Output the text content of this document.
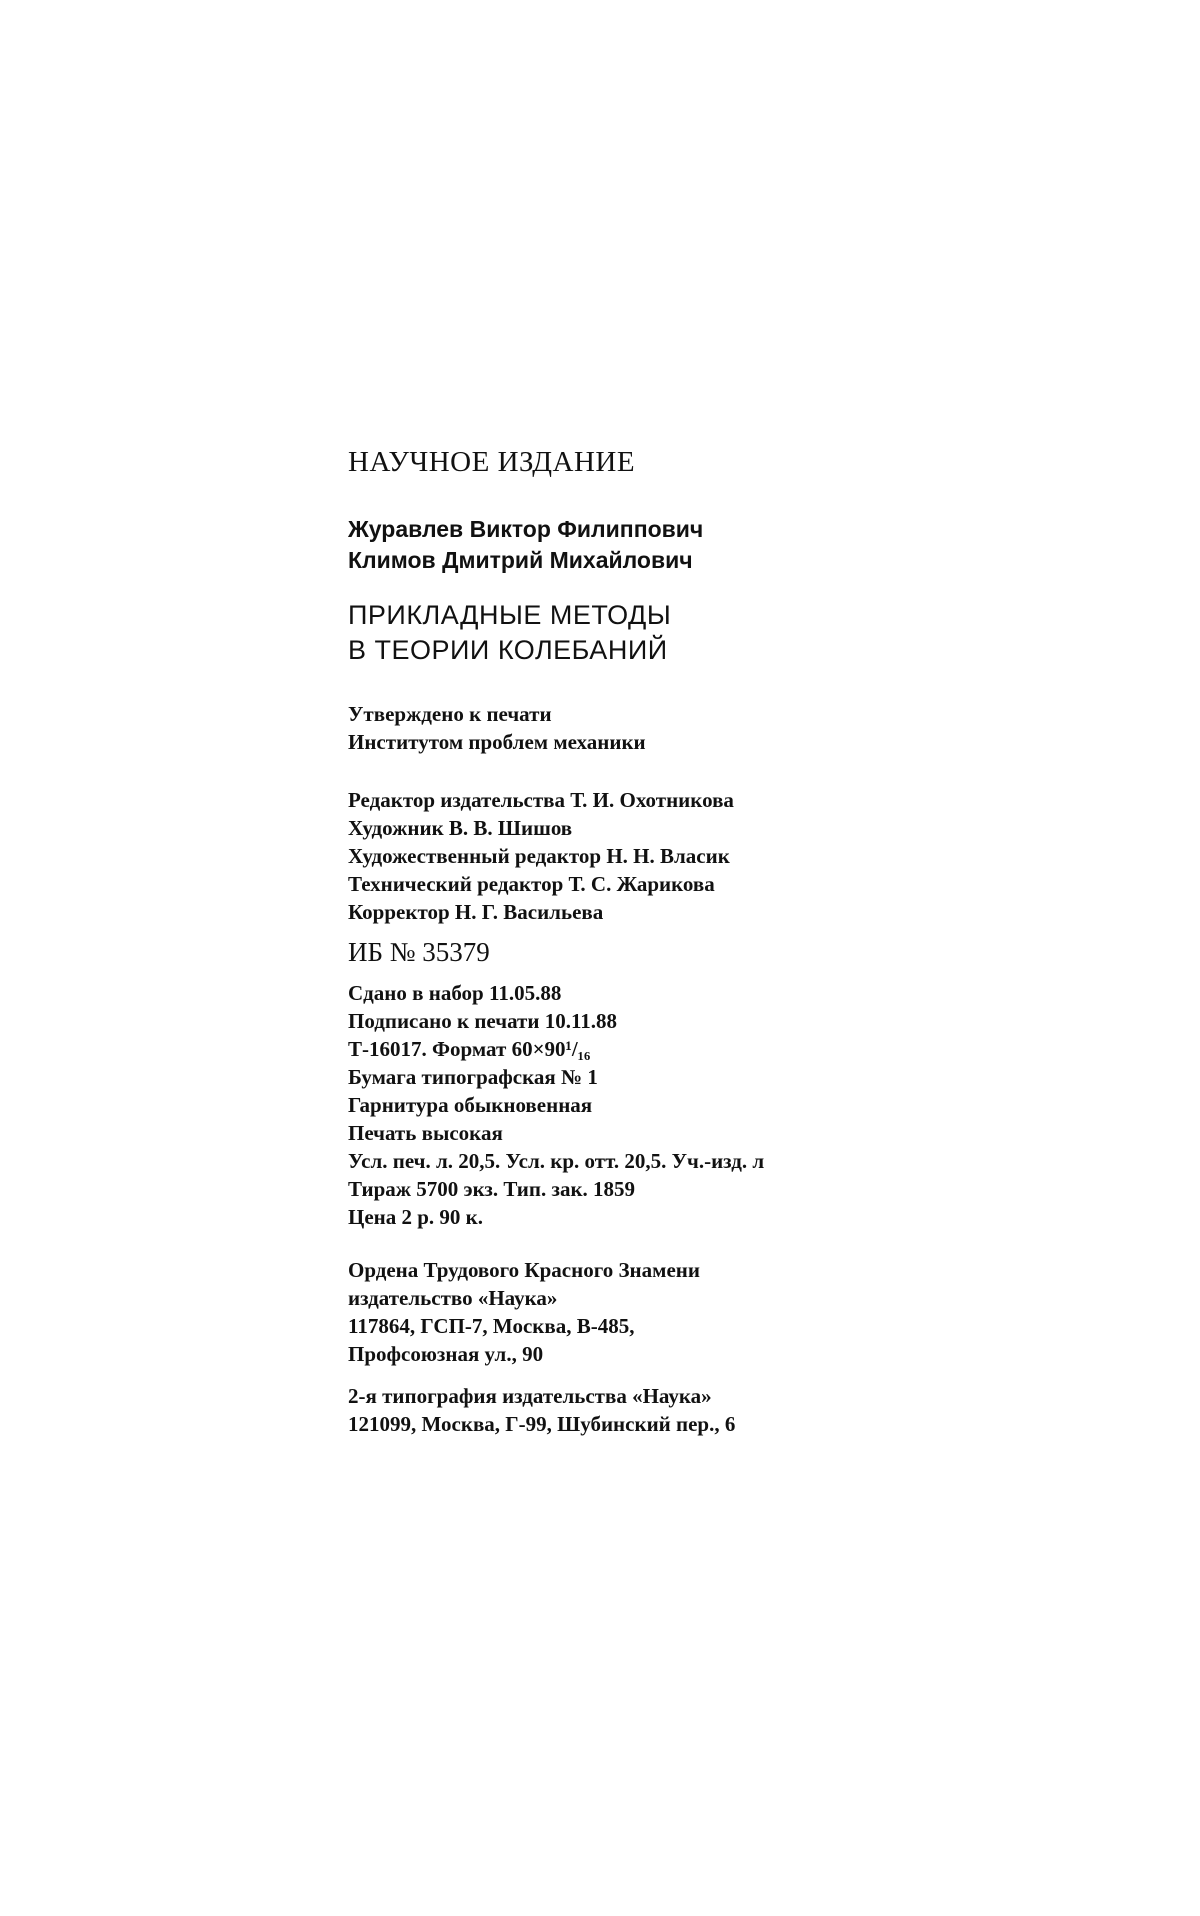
НАУЧНОЕ ИЗДАНИЕ
Журавлев Виктор Филиппович
Климов Дмитрий Михайлович
ПРИКЛАДНЫЕ МЕТОДЫ
В ТЕОРИИ КОЛЕБАНИЙ
Утверждено к печати
Институтом проблем механики
Редактор издательства Т. И. Охотникова
Художник В. В. Шишов
Художественный редактор Н. Н. Власик
Технический редактор Т. С. Жарикова
Корректор Н. Г. Васильева
ИБ № 35379
Сдано в набор 11.05.88
Подписано к печати 10.11.88
Т-16017. Формат 60×90¹/₁₆
Бумага типографская № 1
Гарнитура обыкновенная
Печать высокая
Усл. печ. л. 20,5. Усл. кр. отт. 20,5. Уч.-изд. л
Тираж 5700 экз. Тип. зак. 1859
Цена 2 р. 90 к.
Ордена Трудового Красного Знамени
издательство «Наука»
117864, ГСП-7, Москва, В-485,
Профсоюзная ул., 90
2-я типография издательства «Наука»
121099, Москва, Г-99, Шубинский пер., 6
